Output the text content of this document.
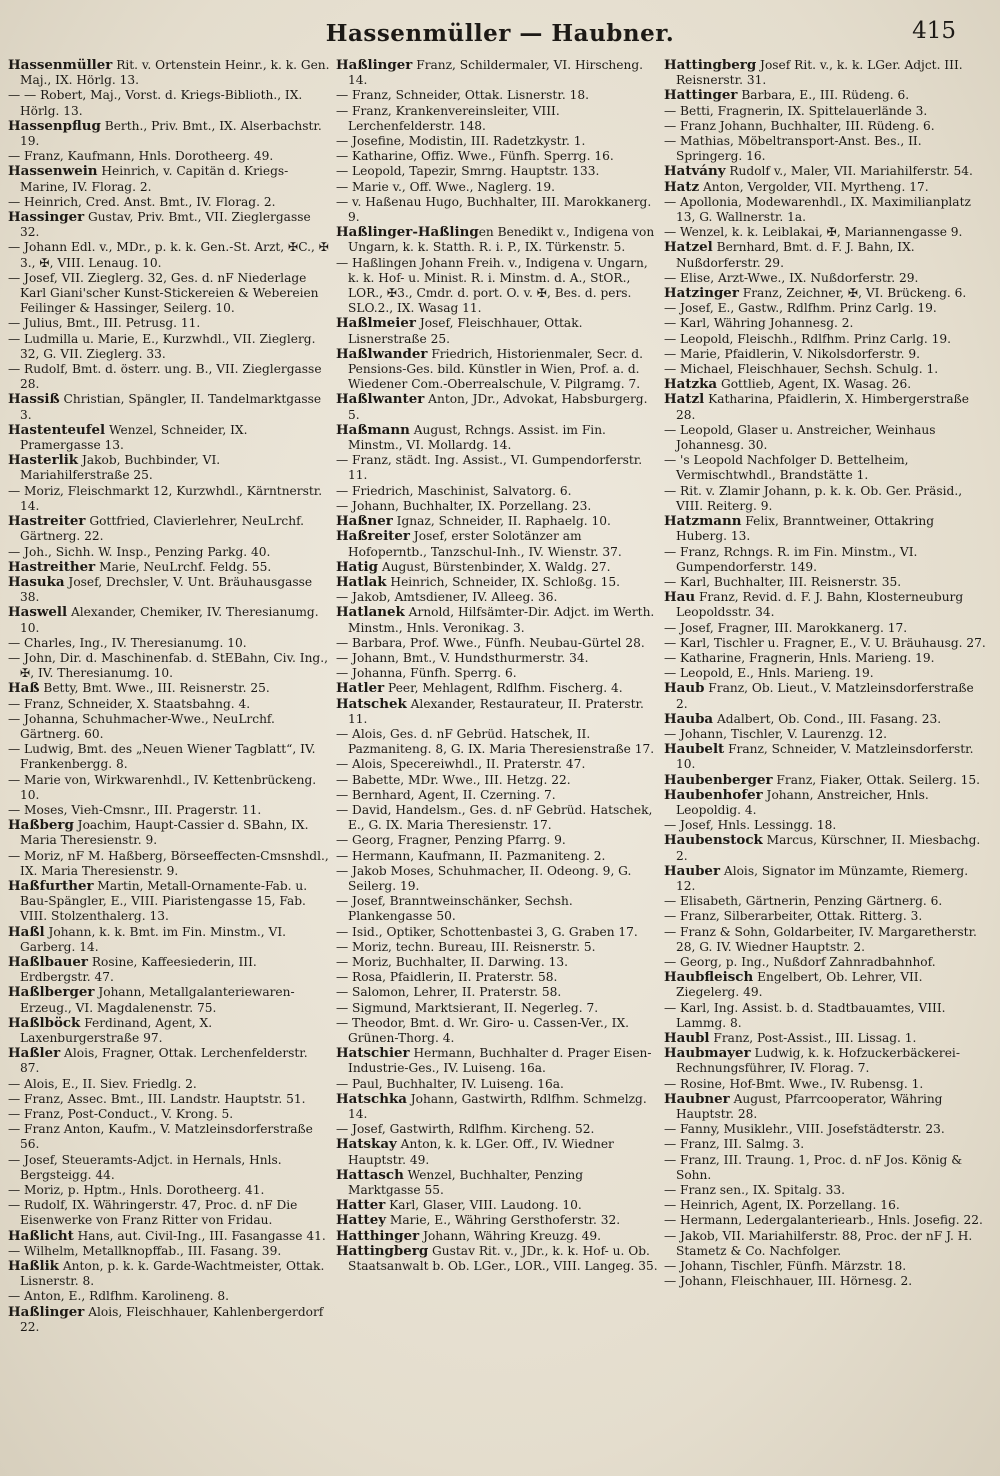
Hassenmüller — Haubner.	415

Hassenmüller Rit. v. Ortenstein Heinr., k. k. Gen. Maj., IX. Hörlg. 13.

— — Robert, Maj., Vorst. d. Kriegs-Biblioth., IX. Hörlg. 13.

Hassenpflug Berth., Priv. Bmt., IX. Alserbachstr. 19.

— Franz, Kaufmann, Hnls. Dorotheerg. 49.

Hassenwein Heinrich, v. Capitän d. Kriegs-Marine, IV. Florag. 2.

— Heinrich, Cred. Anst. Bmt., IV. Florag. 2.

Hassinger Gustav, Priv. Bmt., VII. Zieglergasse 32.

— Johann Edl. v., MDr., p. k. k. Gen.-St. Arzt, ✠C., ✠ 3., ✠, VIII. Lenaug. 10.

— Josef, VII. Zieglerg. 32, Ges. d. nF Niederlage Karl Giani'scher Kunst-Stickereien & Webereien Feilinger & Hassinger, Seilerg. 10.

— Julius, Bmt., III. Petrusg. 11.

— Ludmilla u. Marie, E., Kurzwhdl., VII. Zieglerg. 32, G. VII. Zieglerg. 33.

— Rudolf, Bmt. d. österr. ung. B., VII. Zieglergasse 28.

Hassiß Christian, Spängler, II. Tandelmarktgasse 3.

Hastenteufel Wenzel, Schneider, IX. Pramergasse 13.

Hasterlik Jakob, Buchbinder, VI. Mariahilferstraße 25.

— Moriz, Fleischmarkt 12, Kurzwhdl., Kärntnerstr. 14.

Hastreiter Gottfried, Clavierlehrer, NeuLrchf. Gärtnerg. 22.

— Joh., Sichh. W. Insp., Penzing Parkg. 40.

Hastreither Marie, NeuLrchf. Feldg. 55.

Hasuka Josef, Drechsler, V. Unt. Bräuhausgasse 38.

Haswell Alexander, Chemiker, IV. Theresianumg. 10.

— Charles, Ing., IV. Theresianumg. 10.

— John, Dir. d. Maschinenfab. d. StEBahn, Civ. Ing., ✠, IV. Theresianumg. 10.

Haß Betty, Bmt. Wwe., III. Reisnerstr. 25.

— Franz, Schneider, X. Staatsbahng. 4.

— Johanna, Schuhmacher-Wwe., NeuLrchf. Gärtnerg. 60.

— Ludwig, Bmt. des „Neuen Wiener Tagblatt“, IV. Frankenbergg. 8.

— Marie von, Wirkwarenhdl., IV. Kettenbrückeng. 10.

— Moses, Vieh-Cmsnr., III. Pragerstr. 11.

Haßberg Joachim, Haupt-Cassier d. SBahn, IX. Maria Theresienstr. 9.

— Moriz, nF M. Haßberg, Börseeffecten-Cmsnshdl., IX. Maria Theresienstr. 9.

Haßfurther Martin, Metall-Ornamente-Fab. u. Bau-Spängler, E., VIII. Piaristengasse 15, Fab. VIII. Stolzenthalerg. 13.

Haßl Johann, k. k. Bmt. im Fin. Minstm., VI. Garberg. 14.

Haßlbauer Rosine, Kaffeesiederin, III. Erdbergstr. 47.

Haßlberger Johann, Metallgalanteriewaren-Erzeug., VI. Magdalenenstr. 75.

Haßlböck Ferdinand, Agent, X. Laxenburgerstraße 97.

Haßler Alois, Fragner, Ottak. Lerchenfelderstr. 87.

— Alois, E., II. Siev. Friedlg. 2.

— Franz, Assec. Bmt., III. Landstr. Hauptstr. 51.

— Franz, Post-Conduct., V. Krong. 5.

— Franz Anton, Kaufm., V. Matzleinsdorferstraße 56.

— Josef, Steueramts-Adjct. in Hernals, Hnls. Bergsteigg. 44.

— Moriz, p. Hptm., Hnls. Dorotheerg. 41.

— Rudolf, IX. Währingerstr. 47, Proc. d. nF Die Eisenwerke von Franz Ritter von Fridau.

Haßlicht Hans, aut. Civil-Ing., III. Fasangasse 41.

— Wilhelm, Metallknopffab., III. Fasang. 39.

Haßlik Anton, p. k. k. Garde-Wachtmeister, Ottak. Lisnerstr. 8.

— Anton, E., Rdlfhm. Karolineng. 8.

Haßlinger Alois, Fleischhauer, Kahlenbergerdorf 22.

Haßlinger Franz, Schildermaler, VI. Hirscheng. 14.

— Franz, Schneider, Ottak. Lisnerstr. 18.

— Franz, Krankenvereinsleiter, VIII. Lerchenfelderstr. 148.

— Josefine, Modistin, III. Radetzkystr. 1.

— Katharine, Offiz. Wwe., Fünfh. Sperrg. 16.

— Leopold, Tapezir, Smrng. Hauptstr. 133.

— Marie v., Off. Wwe., Naglerg. 19.

— v. Haßenau Hugo, Buchhalter, III. Marokkanerg. 9.

Haßlinger-Haßlingen Benedikt v., Indigena von Ungarn, k. k. Statth. R. i. P., IX. Türkenstr. 5.

— Haßlingen Johann Freih. v., Indigena v. Ungarn, k. k. Hof- u. Minist. R. i. Minstm. d. A., StOR., LOR., ✠3., Cmdr. d. port. O. v. ✠, Bes. d. pers. SLO.2., IX. Wasag 11.

Haßlmeier Josef, Fleischhauer, Ottak. Lisnerstraße 25.

Haßlwander Friedrich, Historienmaler, Secr. d. Pensions-Ges. bild. Künstler in Wien, Prof. a. d. Wiedener Com.-Oberrealschule, V. Pilgramg. 7.

Haßlwanter Anton, JDr., Advokat, Habsburgerg. 5.

Haßmann August, Rchngs. Assist. im Fin. Minstm., VI. Mollardg. 14.

— Franz, städt. Ing. Assist., VI. Gumpendorferstr. 11.

— Friedrich, Maschinist, Salvatorg. 6.

— Johann, Buchhalter, IX. Porzellang. 23.

Haßner Ignaz, Schneider, II. Raphaelg. 10.

Haßreiter Josef, erster Solotänzer am Hofoperntb., Tanzschul-Inh., IV. Wienstr. 37.

Hatig August, Bürstenbinder, X. Waldg. 27.

Hatlak Heinrich, Schneider, IX. Schloßg. 15.

— Jakob, Amtsdiener, IV. Alleeg. 36.

Hatlanek Arnold, Hilfsämter-Dir. Adjct. im Werth. Minstm., Hnls. Veronikag. 3.

— Barbara, Prof. Wwe., Fünfh. Neubau-Gürtel 28.

— Johann, Bmt., V. Hundsthurmerstr. 34.

— Johanna, Fünfh. Sperrg. 6.

Hatler Peer, Mehlagent, Rdlfhm. Fischerg. 4.

Hatschek Alexander, Restaurateur, II. Praterstr. 11.

— Alois, Ges. d. nF Gebrüd. Hatschek, II. Pazmaniteng. 8, G. IX. Maria Theresienstraße 17.

— Alois, Specereiwhdl., II. Praterstr. 47.

— Babette, MDr. Wwe., III. Hetzg. 22.

— Bernhard, Agent, II. Czerning. 7.

— David, Handelsm., Ges. d. nF Gebrüd. Hatschek, E., G. IX. Maria Theresienstr. 17.

— Georg, Fragner, Penzing Pfarrg. 9.

— Hermann, Kaufmann, II. Pazmaniteng. 2.

— Jakob Moses, Schuhmacher, II. Odeong. 9, G. Seilerg. 19.

— Josef, Branntweinschänker, Sechsh. Plankengasse 50.

— Isid., Optiker, Schottenbastei 3, G. Graben 17.

— Moriz, techn. Bureau, III. Reisnerstr. 5.

— Moriz, Buchhalter, II. Darwing. 13.

— Rosa, Pfaidlerin, II. Praterstr. 58.

— Salomon, Lehrer, II. Praterstr. 58.

— Sigmund, Marktsierant, II. Negerleg. 7.

— Theodor, Bmt. d. Wr. Giro- u. Cassen-Ver., IX. Grünen-Thorg. 4.

Hatschier Hermann, Buchhalter d. Prager Eisen-Industrie-Ges., IV. Luiseng. 16a.

— Paul, Buchhalter, IV. Luiseng. 16a.

Hatschka Johann, Gastwirth, Rdlfhm. Schmelzg. 14.

— Josef, Gastwirth, Rdlfhm. Kircheng. 52.

Hatskay Anton, k. k. LGer. Off., IV. Wiedner Hauptstr. 49.

Hattasch Wenzel, Buchhalter, Penzing Marktgasse 55.

Hatter Karl, Glaser, VIII. Laudong. 10.

Hattey Marie, E., Währing Gersthoferstr. 32.

Hatthinger Johann, Währing Kreuzg. 49.

Hattingberg Gustav Rit. v., JDr., k. k. Hof- u. Ob. Staatsanwalt b. Ob. LGer., LOR., VIII. Langeg. 35.

Hattingberg Josef Rit. v., k. k. LGer. Adjct. III. Reisnerstr. 31.

Hattinger Barbara, E., III. Rüdeng. 6.

— Betti, Fragnerin, IX. Spittelauerlände 3.

— Franz Johann, Buchhalter, III. Rüdeng. 6.

— Mathias, Möbeltransport-Anst. Bes., II. Springerg. 16.

Hatvány Rudolf v., Maler, VII. Mariahilferstr. 54.

Hatz Anton, Vergolder, VII. Myrtheng. 17.

— Apollonia, Modewarenhdl., IX. Maximilianplatz 13, G. Wallnerstr. 1a.

— Wenzel, k. k. Leiblakai, ✠, Mariannengasse 9.

Hatzel Bernhard, Bmt. d. F. J. Bahn, IX. Nußdorferstr. 29.

— Elise, Arzt-Wwe., IX. Nußdorferstr. 29.

Hatzinger Franz, Zeichner, ✠, VI. Brückeng. 6.

— Josef, E., Gastw., Rdlfhm. Prinz Carlg. 19.

— Karl, Währing Johannesg. 2.

— Leopold, Fleischh., Rdlfhm. Prinz Carlg. 19.

— Marie, Pfaidlerin, V. Nikolsdorferstr. 9.

— Michael, Fleischhauer, Sechsh. Schulg. 1.

Hatzka Gottlieb, Agent, IX. Wasag. 26.

Hatzl Katharina, Pfaidlerin, X. Himbergerstraße 28.

— Leopold, Glaser u. Anstreicher, Weinhaus Johannesg. 30.

— 's Leopold Nachfolger D. Bettelheim, Vermischtwhdl., Brandstätte 1.

— Rit. v. Zlamir Johann, p. k. k. Ob. Ger. Präsid., VIII. Reiterg. 9.

Hatzmann Felix, Branntweiner, Ottakring Huberg. 13.

— Franz, Rchngs. R. im Fin. Minstm., VI. Gumpendorferstr. 149.

— Karl, Buchhalter, III. Reisnerstr. 35.

Hau Franz, Revid. d. F. J. Bahn, Klosterneuburg Leopoldsstr. 34.

— Josef, Fragner, III. Marokkanerg. 17.

— Karl, Tischler u. Fragner, E., V. U. Bräuhausg. 27.

— Katharine, Fragnerin, Hnls. Marieng. 19.

— Leopold, E., Hnls. Marieng. 19.

Haub Franz, Ob. Lieut., V. Matzleinsdorferstraße 2.

Hauba Adalbert, Ob. Cond., III. Fasang. 23.

— Johann, Tischler, V. Laurenzg. 12.

Haubelt Franz, Schneider, V. Matzleinsdorferstr. 10.

Haubenberger Franz, Fiaker, Ottak. Seilerg. 15.

Haubenhofer Johann, Anstreicher, Hnls. Leopoldig. 4.

— Josef, Hnls. Lessingg. 18.

Haubenstock Marcus, Kürschner, II. Miesbachg. 2.

Hauber Alois, Signator im Münzamte, Riemerg. 12.

— Elisabeth, Gärtnerin, Penzing Gärtnerg. 6.

— Franz, Silberarbeiter, Ottak. Ritterg. 3.

— Franz & Sohn, Goldarbeiter, IV. Margaretherstr. 28, G. IV. Wiedner Hauptstr. 2.

— Georg, p. Ing., Nußdorf Zahnradbahnhof.

Haubfleisch Engelbert, Ob. Lehrer, VII. Ziegelerg. 49.

— Karl, Ing. Assist. b. d. Stadtbauamtes, VIII. Lammg. 8.

Haubl Franz, Post-Assist., III. Lissag. 1.

Haubmayer Ludwig, k. k. Hofzuckerbäckerei-Rechnungsführer, IV. Florag. 7.

— Rosine, Hof-Bmt. Wwe., IV. Rubensg. 1.

Haubner August, Pfarrcooperator, Währing Hauptstr. 28.

— Fanny, Musiklehr., VIII. Josefstädterstr. 23.

— Franz, III. Salmg. 3.

— Franz, III. Traung. 1, Proc. d. nF Jos. König & Sohn.

— Franz sen., IX. Spitalg. 33.

— Heinrich, Agent, IX. Porzellang. 16.

— Hermann, Ledergalanteriearb., Hnls. Josefig. 22.

— Jakob, VII. Mariahilferstr. 88, Proc. der nF J. H. Stametz & Co. Nachfolger.

— Johann, Tischler, Fünfh. Märzstr. 18.

— Johann, Fleischhauer, III. Hörnesg. 2.
